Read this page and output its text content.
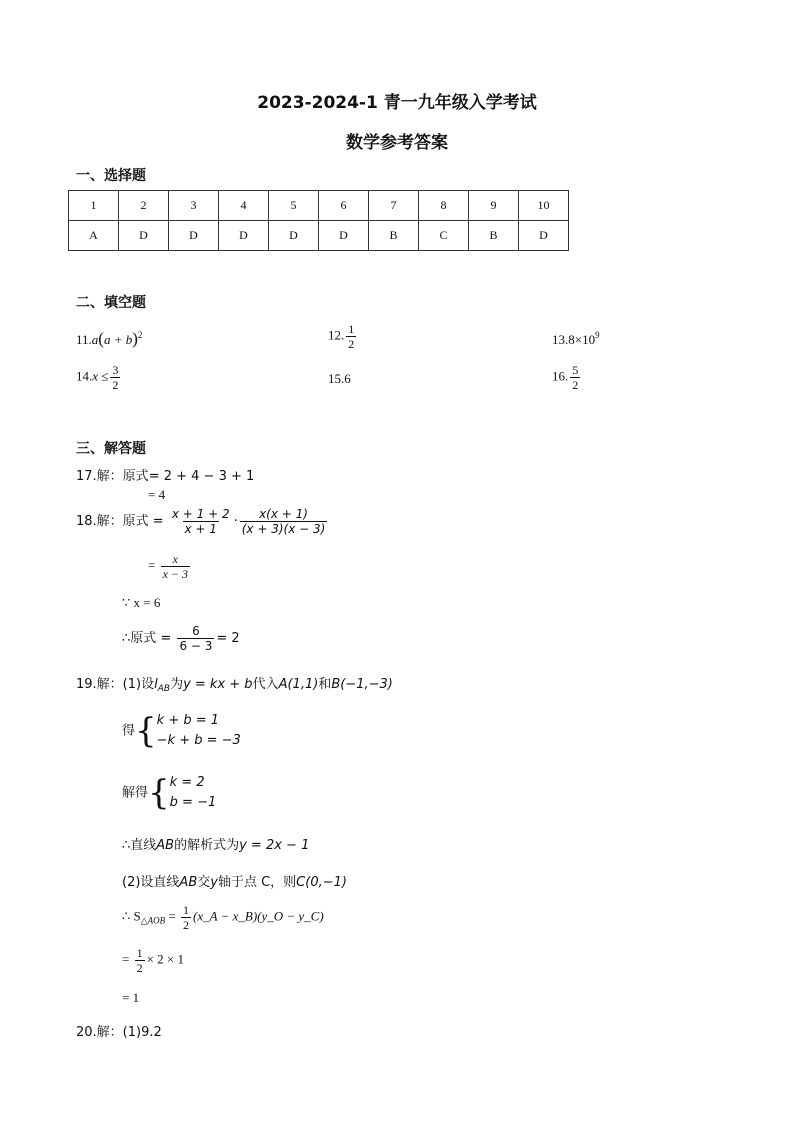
2023-2024-1 青一九年级入学考试
数学参考答案
一、选择题
1	2	3	4	5	6	7	8	9	10
A	D	D	D	D	D	B	C	B	D
二、填空题
$11.a(a + b)^2$	12. $\frac{1}{2}$	$13.8\times 10^9$
$14.x \le \frac{3}{2}$	15.6	16. $\frac{5}{2}$
三、解答题
17.解：原式= 2 + 4 − 3 + 1
= 4
18.解：原式 = $\frac{x + 1 + 2}{x + 1} \cdot \frac{x(x + 1)}{(x + 3)(x - 3)}$
= $\frac{x}{x - 3}$
∵ x = 6
∴原式 = $\frac{6}{6 - 3} = 2$
19.解：(1)设$l_{AB}$为y = kx + b代入A(1,1)和B(−1,−3)
得{ k + b = 1
−k + b = −3
解得{ k = 2
b = −1
∴直线AB的解析式为y = 2x − 1
(2)设直线AB交y轴于点 C，则C(0,−1)
∴ $S_{\triangle AOB} = \frac{1}{2}$ (x_A − x_B)(y_O − y_C)
= $\frac{1}{2} \times 2 \times 1$
= 1
20.解：(1)9.2
